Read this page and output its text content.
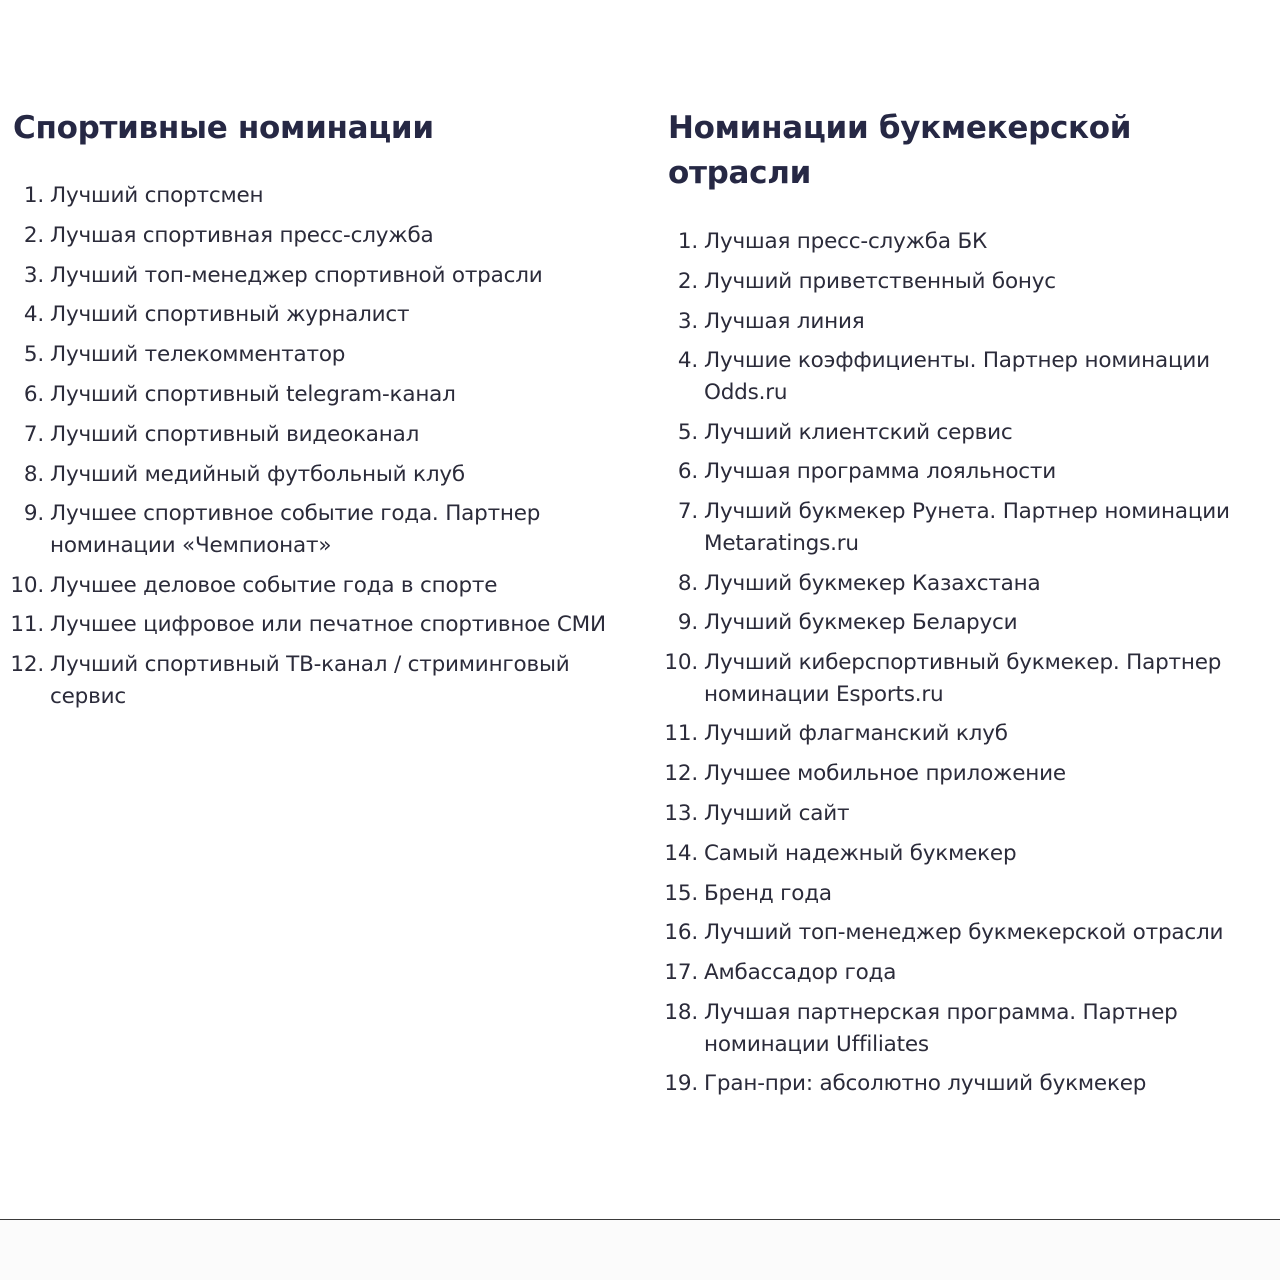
Спортивные номинации
1. Лучший спортсмен
2. Лучшая спортивная пресс-служба
3. Лучший топ-менеджер спортивной отрасли
4. Лучший спортивный журналист
5. Лучший телекомментатор
6. Лучший спортивный telegram-канал
7. Лучший спортивный видеоканал
8. Лучший медийный футбольный клуб
9. Лучшее спортивное событие года. Партнер номинации «Чемпионат»
10. Лучшее деловое событие года в спорте
11. Лучшее цифровое или печатное спортивное СМИ
12. Лучший спортивный ТВ-канал / стриминговый сервис
Номинации букмекерской отрасли
1. Лучшая пресс-служба БК
2. Лучший приветственный бонус
3. Лучшая линия
4. Лучшие коэффициенты. Партнер номинации Odds.ru
5. Лучший клиентский сервис
6. Лучшая программа лояльности
7. Лучший букмекер Рунета. Партнер номинации Metaratings.ru
8. Лучший букмекер Казахстана
9. Лучший букмекер Беларуси
10. Лучший киберспортивный букмекер. Партнер номинации Esports.ru
11. Лучший флагманский клуб
12. Лучшее мобильное приложение
13. Лучший сайт
14. Самый надежный букмекер
15. Бренд года
16. Лучший топ-менеджер букмекерской отрасли
17. Амбассадор года
18. Лучшая партнерская программа. Партнер номинации Uffiliates
19. Гран-при: абсолютно лучший букмекер
